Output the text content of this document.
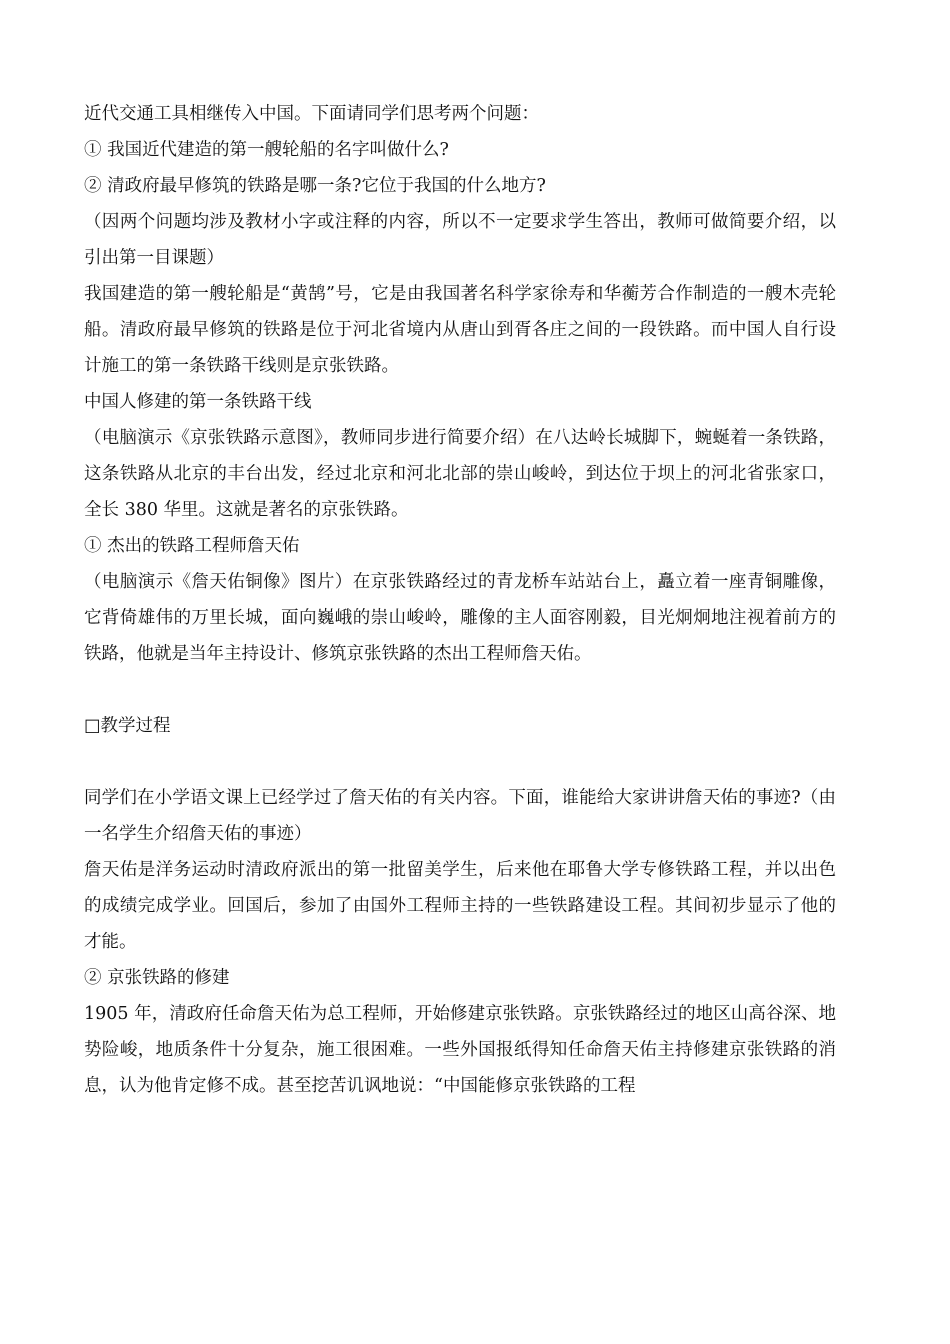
近代交通工具相继传入中国。下面请同学们思考两个问题：

① 我国近代建造的第一艘轮船的名字叫做什么?

② 清政府最早修筑的铁路是哪一条?它位于我国的什么地方?

（因两个问题均涉及教材小字或注释的内容，所以不一定要求学生答出，教师可做简要介绍，以引出第一目课题）

我国建造的第一艘轮船是“黄鹄”号，它是由我国著名科学家徐寿和华蘅芳合作制造的一艘木壳轮船。清政府最早修筑的铁路是位于河北省境内从唐山到胥各庄之间的一段铁路。而中国人自行设计施工的第一条铁路干线则是京张铁路。

中国人修建的第一条铁路干线

（电脑演示《京张铁路示意图》，教师同步进行简要介绍）在八达岭长城脚下，蜿蜒着一条铁路，这条铁路从北京的丰台出发，经过北京和河北北部的崇山峻岭，到达位于坝上的河北省张家口，全长 380 华里。这就是著名的京张铁路。

① 杰出的铁路工程师詹天佑

（电脑演示《詹天佑铜像》图片）在京张铁路经过的青龙桥车站站台上，矗立着一座青铜雕像，它背倚雄伟的万里长城，面向巍峨的崇山峻岭，雕像的主人面容刚毅，目光炯炯地注视着前方的铁路，他就是当年主持设计、修筑京张铁路的杰出工程师詹天佑。

□教学过程

同学们在小学语文课上已经学过了詹天佑的有关内容。下面，谁能给大家讲讲詹天佑的事迹?（由一名学生介绍詹天佑的事迹）

詹天佑是洋务运动时清政府派出的第一批留美学生，后来他在耶鲁大学专修铁路工程，并以出色的成绩完成学业。回国后，参加了由国外工程师主持的一些铁路建设工程。其间初步显示了他的才能。

② 京张铁路的修建

1905 年，清政府任命詹天佑为总工程师，开始修建京张铁路。京张铁路经过的地区山高谷深、地势险峻，地质条件十分复杂，施工很困难。一些外国报纸得知任命詹天佑主持修建京张铁路的消息，认为他肯定修不成。甚至挖苦讥讽地说：“中国能修京张铁路的工程
